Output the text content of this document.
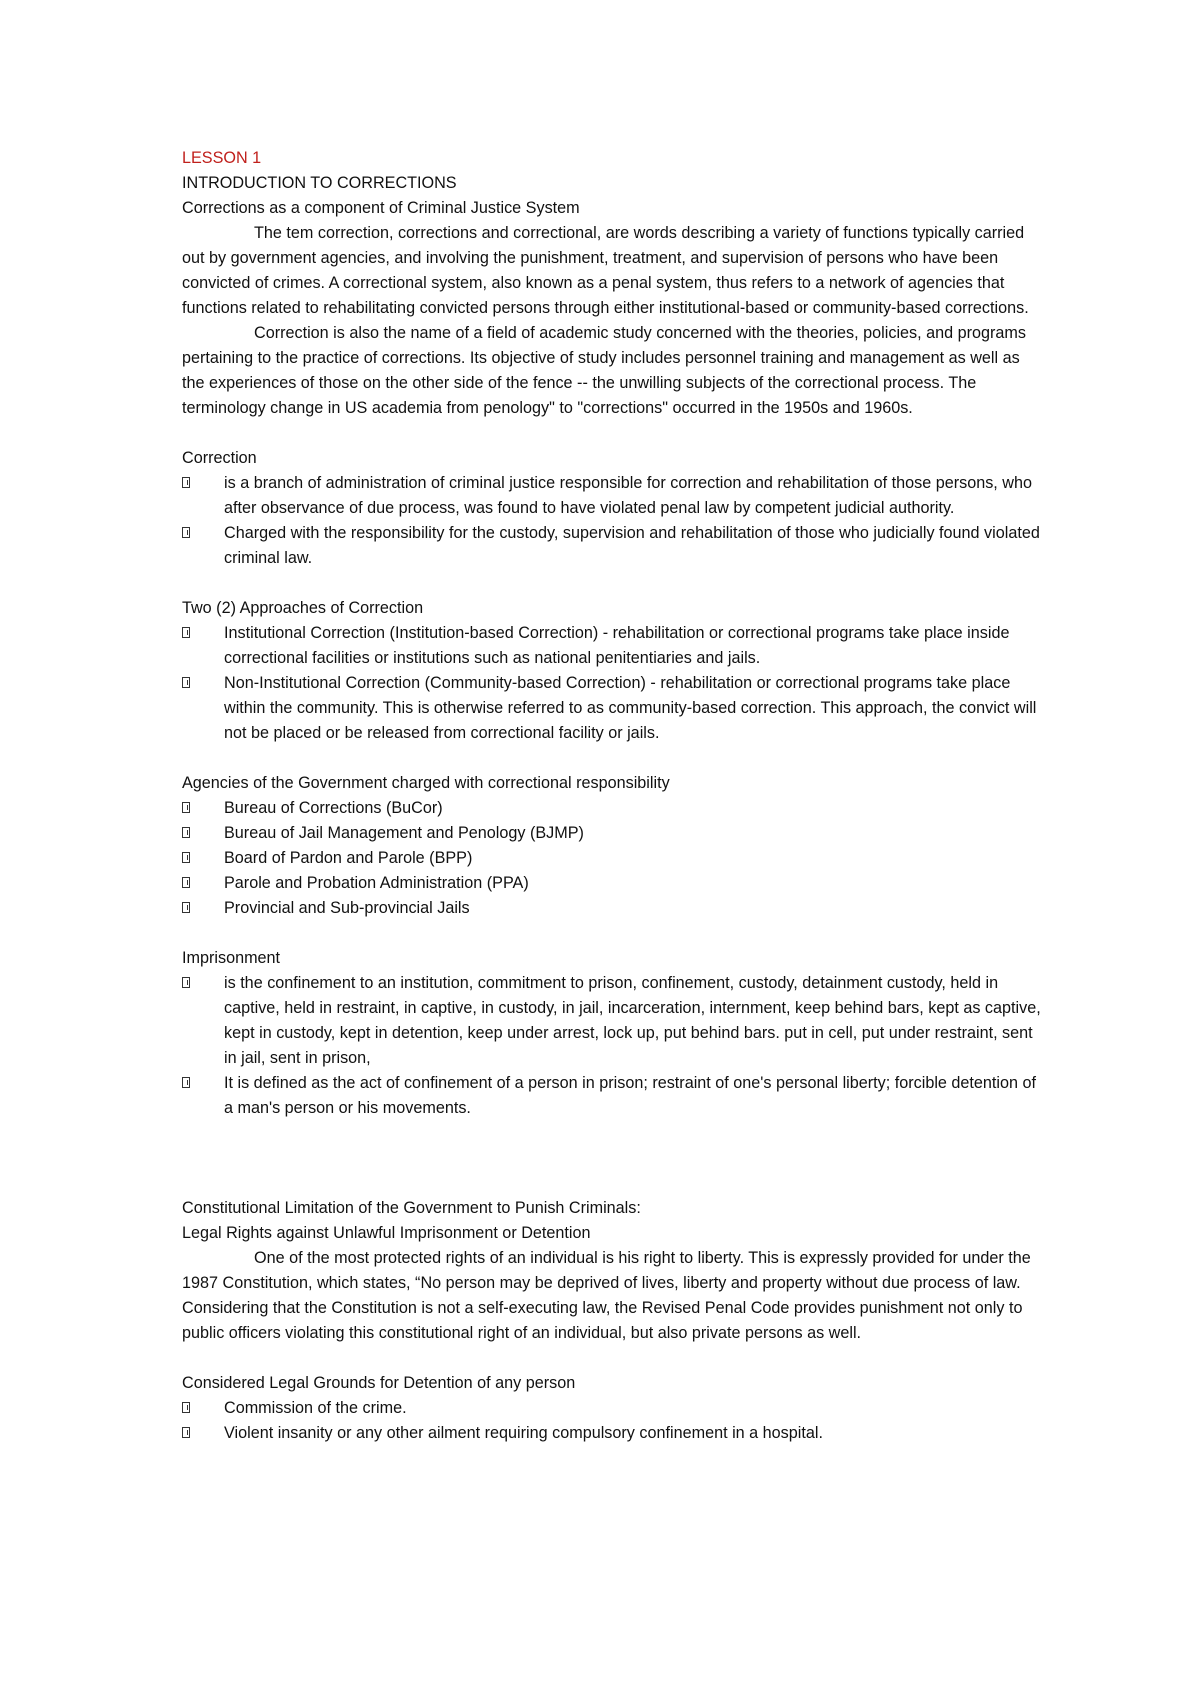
LESSON 1

INTRODUCTION TO CORRECTIONS

Corrections as a component of Criminal Justice System

The tem correction, corrections and correctional, are words describing a variety of functions typically carried out by government agencies, and involving the punishment, treatment, and supervision of persons who have been convicted of crimes. A correctional system, also known as a penal system, thus refers to a network of agencies that functions related to rehabilitating convicted persons through either institutional-based or community-based corrections.

Correction is also the name of a field of academic study concerned with the theories, policies, and programs pertaining to the practice of corrections. Its objective of study includes personnel training and management as well as the experiences of those on the other side of the fence -- the unwilling subjects of the correctional process. The terminology change in US academia from penology" to "corrections" occurred in the 1950s and 1960s.

Correction

is a branch of administration of criminal justice responsible for correction and rehabilitation of those persons, who after observance of due process, was found to have violated penal law by competent judicial authority.
Charged with the responsibility for the custody, supervision and rehabilitation of those who judicially found violated criminal law.

Two (2) Approaches of Correction

Institutional Correction (Institution-based Correction) - rehabilitation or correctional programs take place inside correctional facilities or institutions such as national penitentiaries and jails.
Non-Institutional Correction (Community-based Correction) - rehabilitation or correctional programs take place within the community. This is otherwise referred to as community-based correction. This approach, the convict will not be placed or be released from correctional facility or jails.

Agencies of the Government charged with correctional responsibility

Bureau of Corrections (BuCor)
Bureau of Jail Management and Penology (BJMP)
Board of Pardon and Parole (BPP)
Parole and Probation Administration (PPA)
Provincial and Sub-provincial Jails

Imprisonment

is the confinement to an institution, commitment to prison, confinement, custody, detainment custody, held in captive, held in restraint, in captive, in custody, in jail, incarceration, internment, keep behind bars, kept as captive, kept in custody, kept in detention, keep under arrest, lock up, put behind bars. put in cell, put under restraint, sent in jail, sent in prison,
It is defined as the act of confinement of a person in prison; restraint of one's personal liberty; forcible detention of a man's person or his movements.

Constitutional Limitation of the Government to Punish Criminals:

Legal Rights against Unlawful Imprisonment or Detention

One of the most protected rights of an individual is his right to liberty. This is expressly provided for under the 1987 Constitution, which states, “No person may be deprived of lives, liberty and property without due process of law. Considering that the Constitution is not a self-executing law, the Revised Penal Code provides punishment not only to public officers violating this constitutional right of an individual, but also private persons as well.

Considered Legal Grounds for Detention of any person

Commission of the crime.
Violent insanity or any other ailment requiring compulsory confinement in a hospital.
